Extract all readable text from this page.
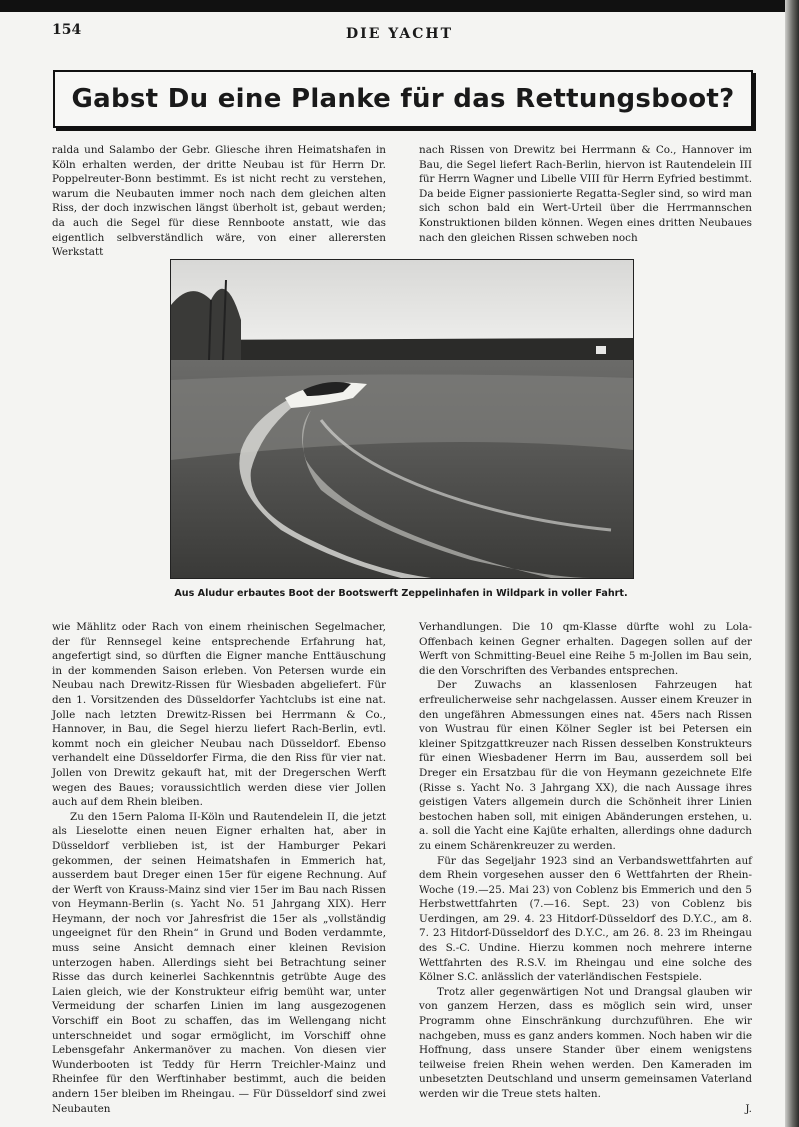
154	DIE YACHT
Gabst Du eine Planke für das Rettungsboot?

ralda und Salambo der Gebr. Gliesche ihren Heimatshafen in Köln erhalten werden, der dritte Neubau ist für Herrn Dr. Poppelreuter-Bonn bestimmt. Es ist nicht recht zu verstehen, warum die Neubauten immer noch nach dem gleichen alten Riss, der doch inzwischen längst überholt ist, gebaut werden; da auch die Segel für diese Rennboote anstatt, wie das eigentlich selbverständlich wäre, von einer allerersten Werkstatt

nach Rissen von Drewitz bei Herrmann & Co., Hannover im Bau, die Segel liefert Rach-Berlin, hiervon ist Rautendelein III für Herrn Wagner und Libelle VIII für Herrn Eyfried bestimmt. Da beide Eigner passionierte Regatta-Segler sind, so wird man sich schon bald ein Wert-Urteil über die Herrmannschen Konstruktionen bilden können. Wegen eines dritten Neubaues nach den gleichen Rissen schweben noch

Aus Aludur erbautes Boot der Bootswerft Zeppelinhafen in Wildpark in voller Fahrt.

wie Mählitz oder Rach von einem rheinischen Segelmacher, der für Rennsegel keine entsprechende Erfahrung hat, angefertigt sind, so dürften die Eigner manche Enttäuschung in der kommenden Saison erleben. Von Petersen wurde ein Neubau nach Drewitz-Rissen für Wiesbaden abgeliefert. Für den 1. Vorsitzenden des Düsseldorfer Yachtclubs ist eine nat. Jolle nach letzten Drewitz-Rissen bei Herrmann & Co., Hannover, in Bau, die Segel hierzu liefert Rach-Berlin, evtl. kommt noch ein gleicher Neubau nach Düsseldorf. Ebenso verhandelt eine Düsseldorfer Firma, die den Riss für vier nat. Jollen von Drewitz gekauft hat, mit der Dregerschen Werft wegen des Baues; voraussichtlich werden diese vier Jollen auch auf dem Rhein bleiben.

Zu den 15ern Paloma II-Köln und Rautendelein II, die jetzt als Lieselotte einen neuen Eigner erhalten hat, aber in Düsseldorf verblieben ist, ist der Hamburger Pekari gekommen, der seinen Heimatshafen in Emmerich hat, ausserdem baut Dreger einen 15er für eigene Rechnung. Auf der Werft von Krauss-Mainz sind vier 15er im Bau nach Rissen von Heymann-Berlin (s. Yacht No. 51 Jahrgang XIX). Herr Heymann, der noch vor Jahresfrist die 15er als „vollständig ungeeignet für den Rhein“ in Grund und Boden verdammte, muss seine Ansicht demnach einer kleinen Revision unterzogen haben. Allerdings sieht bei Betrachtung seiner Risse das durch keinerlei Sachkenntnis getrübte Auge des Laien gleich, wie der Konstrukteur eifrig bemüht war, unter Vermeidung der scharfen Linien im lang ausgezogenen Vorschiff ein Boot zu schaffen, das im Wellengang nicht unterschneidet und sogar ermöglicht, im Vorschiff ohne Lebensgefahr Ankermanöver zu machen. Von diesen vier Wunderbooten ist Teddy für Herrn Treichler-Mainz und Rheinfee für den Werftinhaber bestimmt, auch die beiden andern 15er bleiben im Rheingau. — Für Düsseldorf sind zwei Neubauten

Verhandlungen. Die 10 qm-Klasse dürfte wohl zu Lola-Offenbach keinen Gegner erhalten. Dagegen sollen auf der Werft von Schmitting-Beuel eine Reihe 5 m-Jollen im Bau sein, die den Vorschriften des Verbandes entsprechen.

Der Zuwachs an klassenlosen Fahrzeugen hat erfreulicherweise sehr nachgelassen. Ausser einem Kreuzer in den ungefähren Abmessungen eines nat. 45ers nach Rissen von Wustrau für einen Kölner Segler ist bei Petersen ein kleiner Spitzgattkreuzer nach Rissen desselben Konstrukteurs für einen Wiesbadener Herrn im Bau, ausserdem soll bei Dreger ein Ersatzbau für die von Heymann gezeichnete Elfe (Risse s. Yacht No. 3 Jahrgang XX), die nach Aussage ihres geistigen Vaters allgemein durch die Schönheit ihrer Linien bestochen haben soll, mit einigen Abänderungen erstehen, u. a. soll die Yacht eine Kajüte erhalten, allerdings ohne dadurch zu einem Schärenkreuzer zu werden.

Für das Segeljahr 1923 sind an Verbandswettfahrten auf dem Rhein vorgesehen ausser den 6 Wettfahrten der Rhein-Woche (19.—25. Mai 23) von Coblenz bis Emmerich und den 5 Herbstwettfahrten (7.—16. Sept. 23) von Coblenz bis Uerdingen, am 29. 4. 23 Hitdorf-Düsseldorf des D.Y.C., am 8. 7. 23 Hitdorf-Düsseldorf des D.Y.C., am 26. 8. 23 im Rheingau des S.-C. Undine. Hierzu kommen noch mehrere interne Wettfahrten des R.S.V. im Rheingau und eine solche des Kölner S.C. anlässlich der vaterländischen Festspiele.

Trotz aller gegenwärtigen Not und Drangsal glauben wir von ganzem Herzen, dass es möglich sein wird, unser Programm ohne Einschränkung durchzuführen. Ehe wir nachgeben, muss es ganz anders kommen. Noch haben wir die Hoffnung, dass unsere Stander über einem wenigstens teilweise freien Rhein wehen werden. Den Kameraden im unbesetzten Deutschland und unserm gemeinsamen Vaterland werden wir die Treue stets halten.

J.
